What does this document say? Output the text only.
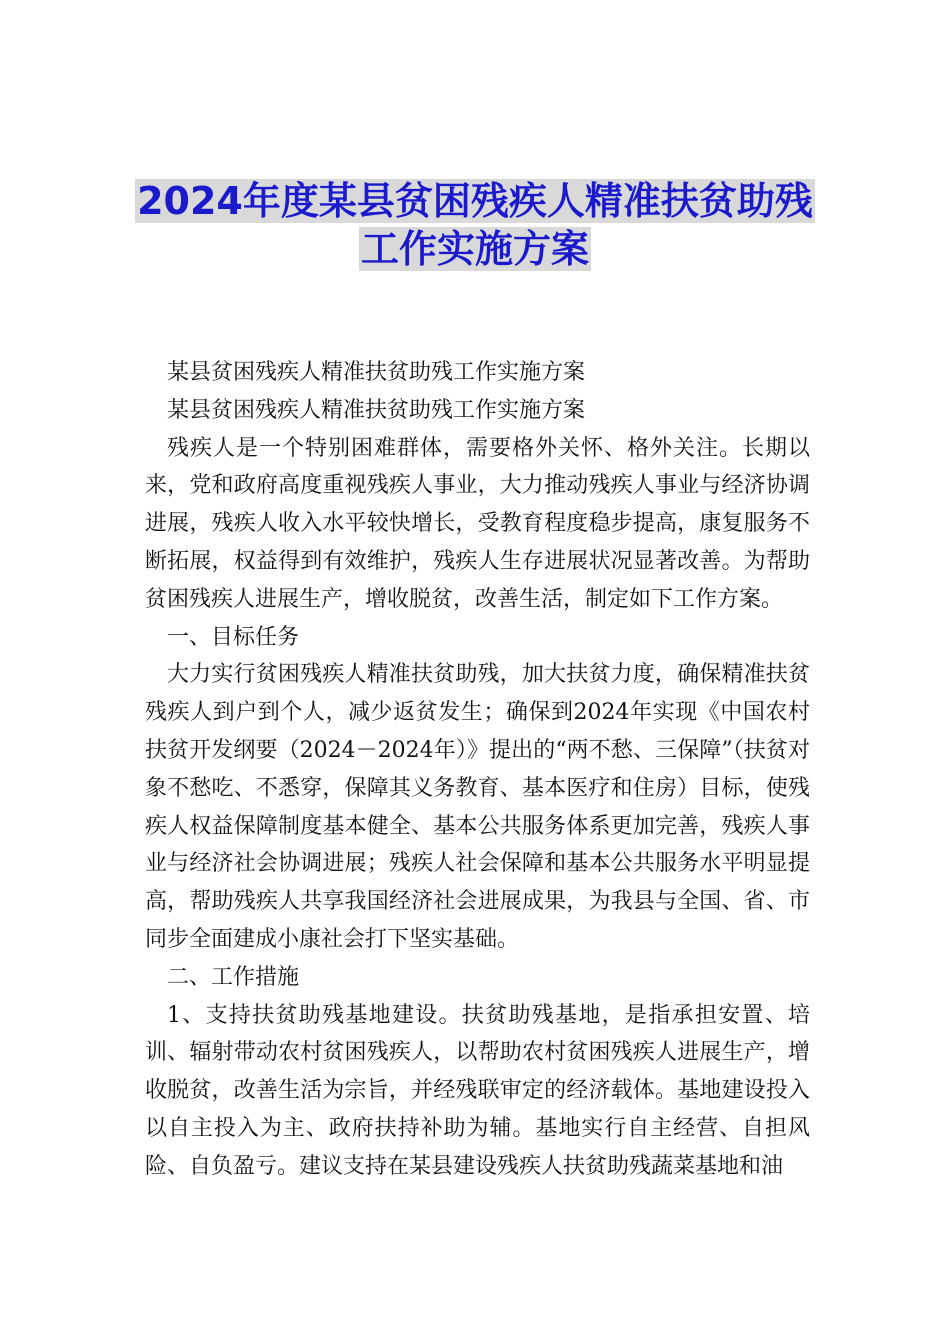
2024年度某县贫困残疾人精准扶贫助残
工作实施方案

某县贫困残疾人精准扶贫助残工作实施方案

某县贫困残疾人精准扶贫助残工作实施方案

残疾人是一个特别困难群体，需要格外关怀、格外关注。长期以来，党和政府高度重视残疾人事业，大力推动残疾人事业与经济协调进展，残疾人收入水平较快增长，受教育程度稳步提高，康复服务不断拓展，权益得到有效维护，残疾人生存进展状况显著改善。为帮助贫困残疾人进展生产，增收脱贫，改善生活，制定如下工作方案。

一、目标任务

大力实行贫困残疾人精准扶贫助残，加大扶贫力度，确保精准扶贫残疾人到户到个人，减少返贫发生；确保到2024年实现《中国农村扶贫开发纲要（2024－2024年）》提出的“两不愁、三保障”（扶贫对象不愁吃、不悉穿，保障其义务教育、基本医疗和住房）目标，使残疾人权益保障制度基本健全、基本公共服务体系更加完善，残疾人事业与经济社会协调进展；残疾人社会保障和基本公共服务水平明显提高，帮助残疾人共享我国经济社会进展成果，为我县与全国、省、市同步全面建成小康社会打下坚实基础。

二、工作措施

1、支持扶贫助残基地建设。扶贫助残基地，是指承担安置、培训、辐射带动农村贫困残疾人，以帮助农村贫困残疾人进展生产，增收脱贫，改善生活为宗旨，并经残联审定的经济载体。基地建设投入以自主投入为主、政府扶持补助为辅。基地实行自主经营、自担风险、自负盈亏。建议支持在某县建设残疾人扶贫助残蔬菜基地和油
